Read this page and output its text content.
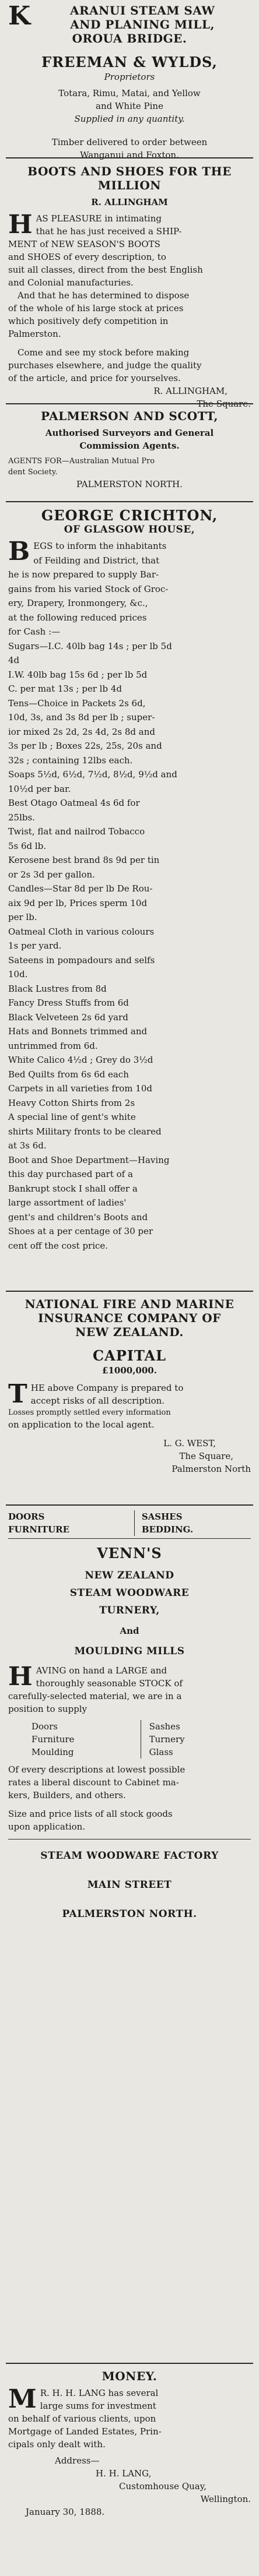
K	ARANUI STEAM SAW
AND PLANING MILL,
OROUA BRIDGE.
FREEMAN & WYLDS,
Proprietors
Totara, Rimu, Matai, and Yellow
and White Pine
Supplied in any quantity.
Timber delivered to order between
Wanganui and Foxton.
BOOTS AND SHOES FOR THE
MILLION
R. ALLINGHAM
H AS PLEASURE in intimating
that he has just received a SHIP-
MENT of NEW SEASON'S BOOTS
and SHOES of every description, to
suit all classes, direct from the best English
and Colonial manufacturies.
And that he has determined to dispose
of the whole of his large stock at prices
which positively defy competition in
Palmerston.
Come and see my stock before making
purchases elsewhere, and judge the quality
of the article, and price for yourselves.
R. ALLINGHAM,
The Square.
PALMERSON AND SCOTT,
Authorised Surveyors and General
Commission Agents.
AGENTS FOR—Australian Mutual Pro
dent Society.
PALMERSTON NORTH.
GEORGE CRICHTON,
OF GLASGOW HOUSE,
B EGS to inform the inhabitants
of Feilding and District, that
he is now prepared to supply Bar-
gains from his varied Stock of Groc-
ery, Drapery, Ironmongery, &c.,
at the following reduced prices
for Cash :—
Sugars—I.C. 40lb bag 14s ; per lb 5d
4d
I.W. 40lb bag 15s 6d ; per lb 5d
C. per mat 13s ; per lb 4d
Tens—Choice in Packets 2s 6d,
10d, 3s, and 3s 8d per lb ; super-
ior mixed 2s 2d, 2s 4d, 2s 8d and
3s per lb ; Boxes 22s, 25s, 20s and
32s ; containing 12lbs each.
Soaps 5½d, 6½d, 7½d, 8½d, 9½d and
10½d per bar.
Best Otago Oatmeal 4s 6d for
25lbs.
Twist, flat and nailrod Tobacco
5s 6d lb.
Kerosene best brand 8s 9d per tin
or 2s 3d per gallon.
Candles—Star 8d per lb De Rou-
aix 9d per lb, Prices sperm 10d
per lb.
Oatmeal Cloth in various colours
1s per yard.
Sateens in pompadours and selfs
10d.
Black Lustres from 8d
Fancy Dress Stuffs from 6d
Black Velveteen 2s 6d yard
Hats and Bonnets trimmed and
untrimmed from 6d.
White Calico 4½d ; Grey do 3½d
Bed Quilts from 6s 6d each
Carpets in all varieties from 10d
Heavy Cotton Shirts from 2s
A special line of gent's white
shirts Military fronts to be cleared
at 3s 6d.
Boot and Shoe Department—Having
this day purchased part of a
Bankrupt stock I shall offer a
large assortment of ladies'
gent's and children's Boots and
Shoes at a per centage of 30 per
cent off the cost price.
NATIONAL FIRE AND MARINE
INSURANCE COMPANY OF
NEW ZEALAND.
CAPITAL
£1000,000.
T HE above Company is prepared to
accept risks of all description.
Losses promptly settled every information
on application to the local agent.
L. G. WEST,
The Square,
Palmerston North
DOORS
FURNITURE
SASHES
BEDDING.
VENN'S
NEW ZEALAND
STEAM WOODWARE
TURNERY,
And
MOULDING MILLS
H AVING on hand a LARGE and
thoroughly seasonable STOCK of
carefully-selected material, we are in a
position to supply
Doors
Furniture
Moulding
Sashes
Turnery
Glass
Of every descriptions at lowest possible
rates a liberal discount to Cabinet ma-
kers, Builders, and others.
Size and price lists of all stock goods
upon application.
STEAM WOODWARE FACTORY
MAIN STREET
PALMERSTON NORTH.
MONEY.
M R. H. H. LANG has several
large sums for investment
on behalf of various clients, upon
Mortgage of Landed Estates, Prin-
cipals only dealt with.
Address—
H. H. LANG,
Customhouse Quay,
Wellington.
January 30, 1888.
